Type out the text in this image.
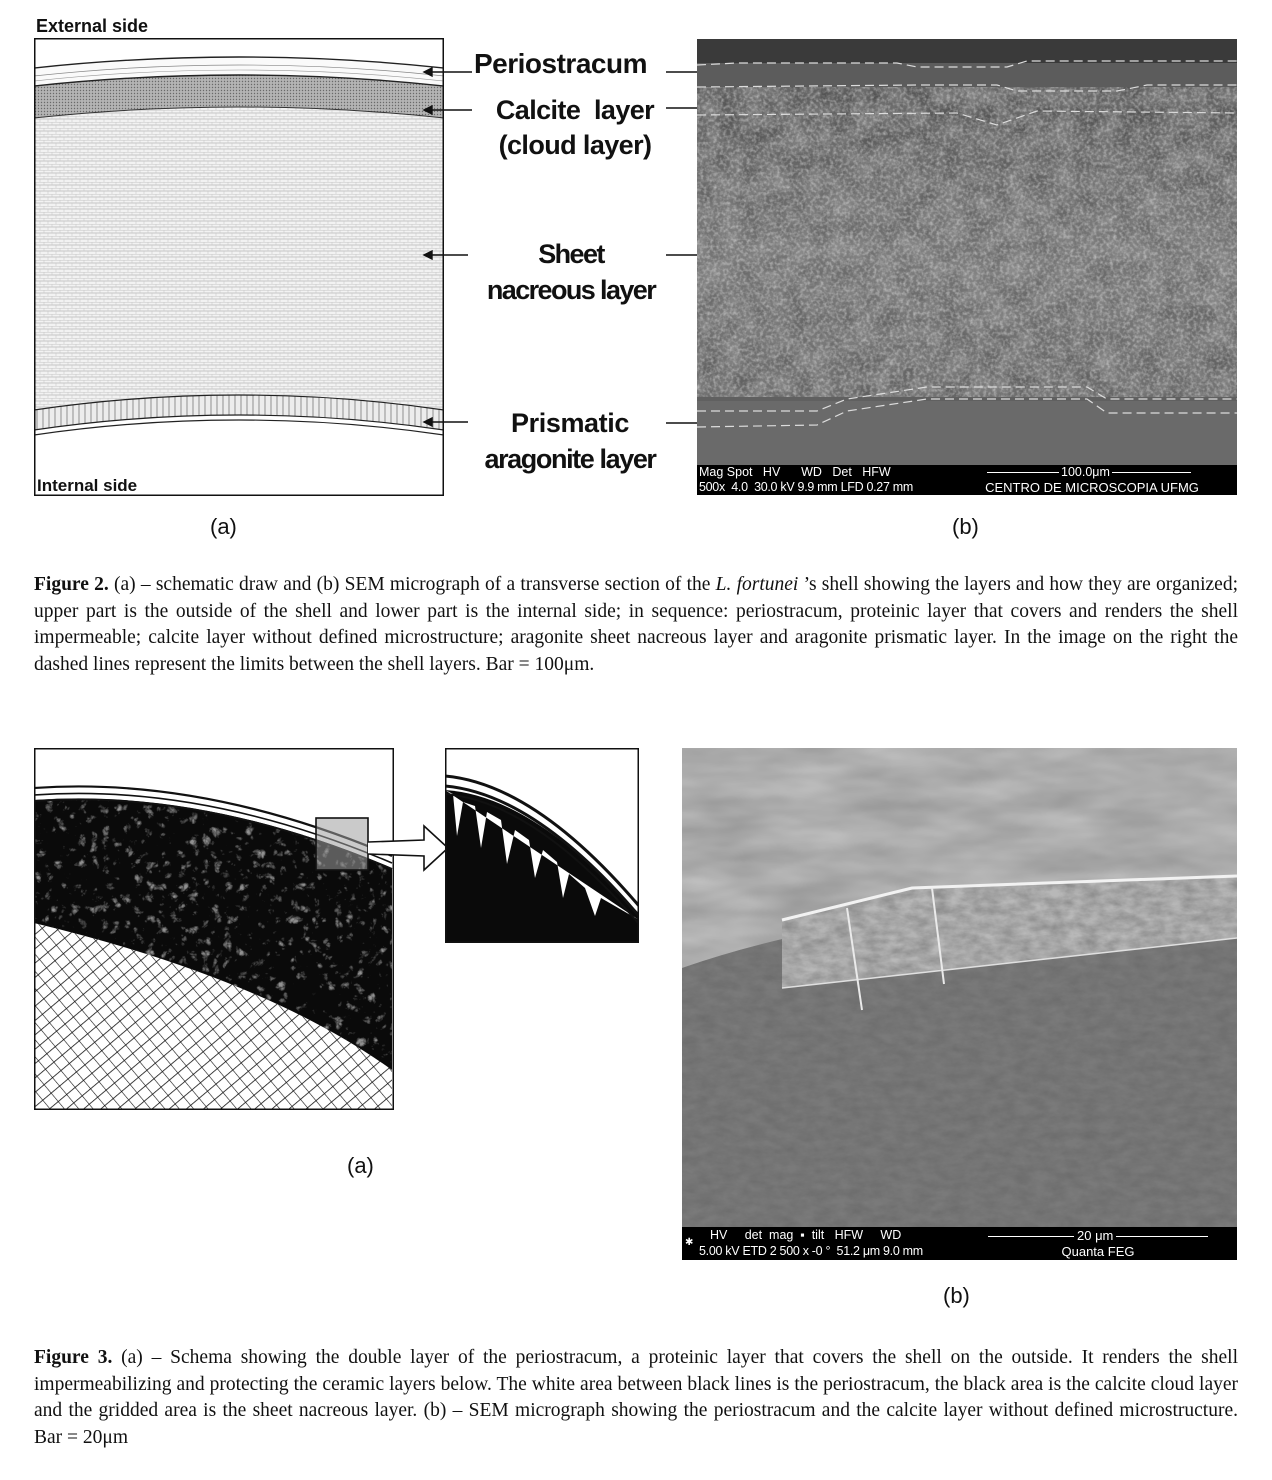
External side
Internal side
Periostracum
Calcite  layer
(cloud layer)
Sheet
nacreous layer
Prismatic
aragonite layer	Mag Spot   HV      WD   Det   HFW
500x  4.0  30.0 kV 9.9 mm LFD 0.27 mm
100.0μm
CENTRO DE MICROSCOPIA UFMG
(a)	(b)
Figure 2. (a) – schematic draw and (b) SEM micrograph of a transverse section of the L. fortunei ’s shell showing the layers and how they are organized; upper part is the outside of the shell and lower part is the internal side; in sequence: periostracum, proteinic layer that covers and renders the shell impermeable; calcite layer without defined microstructure; aragonite sheet nacreous layer and aragonite prismatic layer. In the image on the right the dashed lines represent the limits between the shell layers. Bar = 100μm.
(a)
✱
HV     det  mag  ▪  tilt   HFW     WD
5.00 kV ETD 2 500 x -0 °  51.2 μm 9.0 mm
20 μm
Quanta FEG
(b)
Figure 3. (a) – Schema showing the double layer of the periostracum, a proteinic layer that covers the shell on the outside. It renders the shell impermeabilizing and protecting the ceramic layers below. The white area between black lines is the periostracum, the black area is the calcite cloud layer and the gridded area is the sheet nacreous layer. (b) – SEM micrograph showing the periostracum and the calcite layer without defined microstructure. Bar = 20μm
